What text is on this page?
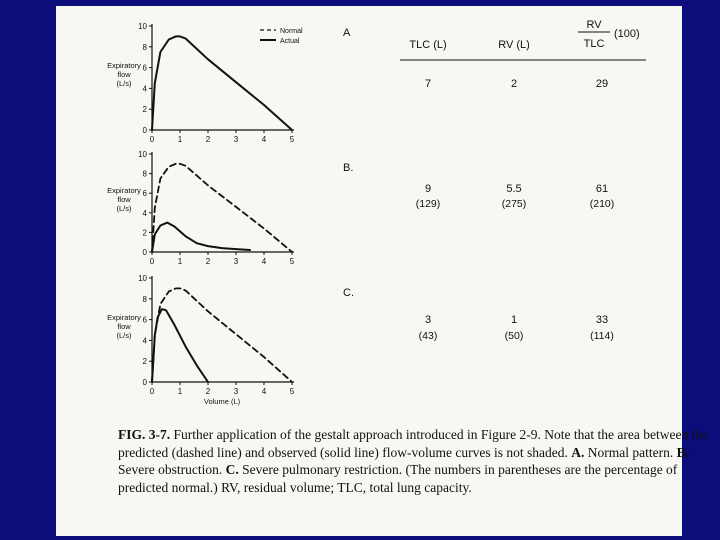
Normal
Actual
A
B.
C.
TLC (L)	RV (L)
RV
TLC
(100)
7	2	29
9	5.5	61
(129)	(275)	(210)
3	1	33
(43)	(50)	(114)
Volume (L)
0
2
4
6
8
10
0	1	2	3	4	5
Expiratory
flow
(L/s)
0
2
4
6
8
10
0	1	2	3	4	5
Expiratory
flow
(L/s)
0
2
4
6
8
10
0	1	2	3	4	5
Expiratory
flow
(L/s)
FIG. 3-7. Further application of the gestalt approach introduced in Figure 2-9. Note that the area between the predicted (dashed line) and observed (solid line) flow-volume curves is not shaded. A. Normal pattern. B. Severe obstruction. C. Severe pulmonary restriction. (The numbers in parentheses are the percentage of predicted normal.) RV, residual volume; TLC, total lung capacity.
